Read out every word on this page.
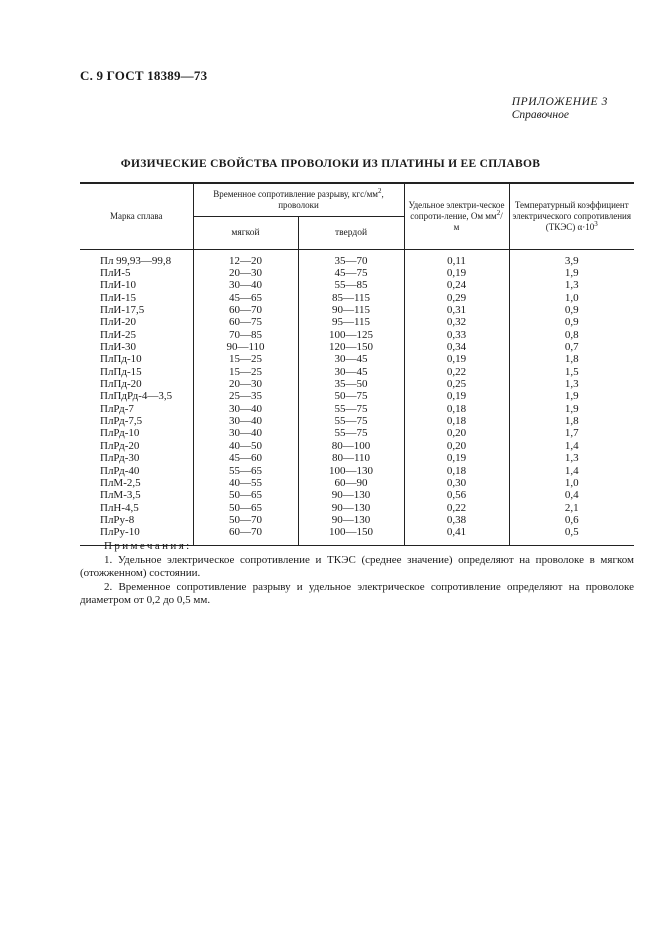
С. 9 ГОСТ 18389—73
ПРИЛОЖЕНИЕ 3
Справочное
ФИЗИЧЕСКИЕ СВОЙСТВА ПРОВОЛОКИ ИЗ ПЛАТИНЫ И ЕЕ СПЛАВОВ
Марка сплава	Временное сопротивление разрыву, кгс/$мм^2$, проволоки		Удельное электри-ческое сопроти-ление, Ом $мм^2/м$	Температурный коэффициент электрического сопротивления (ТКЭС) $\alpha\cdot 10^3$
	мягкой	твердой		
Пл 99,93—99,8	12—20	35—70	0,11	3,9
ПлИ-5	20—30	45—75	0,19	1,9
ПлИ-10	30—40	55—85	0,24	1,3
ПлИ-15	45—65	85—115	0,29	1,0
ПлИ-17,5	60—70	90—115	0,31	0,9
ПлИ-20	60—75	95—115	0,32	0,9
ПлИ-25	70—85	100—125	0,33	0,8
ПлИ-30	90—110	120—150	0,34	0,7
ПлПд-10	15—25	30—45	0,19	1,8
ПлПд-15	15—25	30—45	0,22	1,5
ПлПд-20	20—30	35—50	0,25	1,3
ПлПдРд-4—3,5	25—35	50—75	0,19	1,9
ПлРд-7	30—40	55—75	0,18	1,9
ПлРд-7,5	30—40	55—75	0,18	1,8
ПлРд-10	30—40	55—75	0,20	1,7
ПлРд-20	40—50	80—100	0,20	1,4
ПлРд-30	45—60	80—110	0,19	1,3
ПлРд-40	55—65	100—130	0,18	1,4
ПлМ-2,5	40—55	60—90	0,30	1,0
ПлМ-3,5	50—65	90—130	0,56	0,4
ПлН-4,5	50—65	90—130	0,22	2,1
ПлРу-8	50—70	90—130	0,38	0,6
ПлРу-10	60—70	100—150	0,41	0,5
Примечания:

1. Удельное электрическое сопротивление и ТКЭС (среднее значение) определяют на проволоке в мягком (отожженном) состоянии.

2. Временное сопротивление разрыву и удельное электрическое сопротивление определяют на проволоке диаметром от 0,2 до 0,5 мм.
